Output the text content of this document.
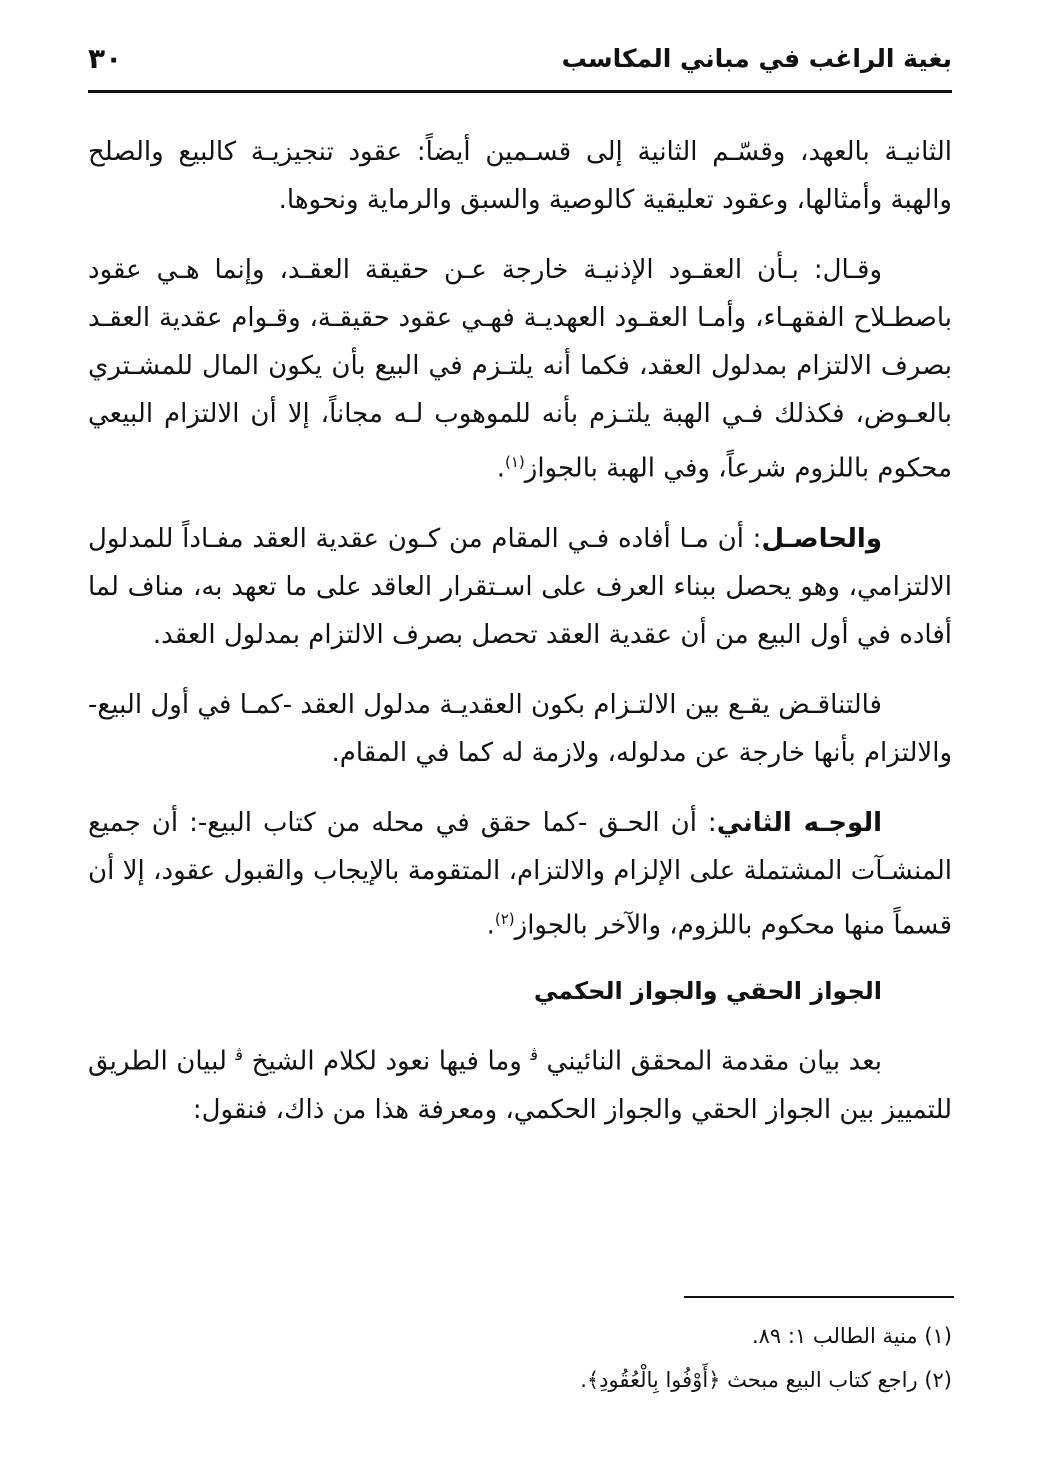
بغية الراغب في مباني المكاسب
٣٠

الثانيـة بالعهد، وقسّـم الثانية إلى قسـمين أيضاً: عقود تنجيزيـة كالبيع والصلح والهبة وأمثالها، وعقود تعليقية كالوصية والسبق والرماية ونحوها.

وقـال: بـأن العقـود الإذنيـة خارجة عـن حقيقة العقـد، وإنما هـي عقود باصطـلاح الفقهـاء، وأمـا العقـود العهديـة فهـي عقود حقيقـة، وقـوام عقدية العقـد بصرف الالتزام بمدلول العقد، فكما أنه يلتـزم في البيع بأن يكون المال للمشـتري بالعـوض، فكذلك فـي الهبة يلتـزم بأنه للموهوب لـه مجاناً، إلا أن الالتزام البيعي محكوم باللزوم شرعاً، وفي الهبة بالجواز$^{(١)}$.

والحاصـل: أن مـا أفاده فـي المقام من كـون عقدية العقد مفـاداً للمدلول الالتزامي، وهو يحصل ببناء العرف على اسـتقرار العاقد على ما تعهد به، مناف لما أفاده في أول البيع من أن عقدية العقد تحصل بصرف الالتزام بمدلول العقد.

فالتناقـض يقـع بين الالتـزام بكون العقديـة مدلول العقد -كمـا في أول البيع-والالتزام بأنها خارجة عن مدلوله، ولازمة له كما في المقام.

الوجـه الثاني: أن الحـق -كما حقق في محله من كتاب البيع-: أن جميع المنشـآت المشتملة على الإلزام والالتزام، المتقومة بالإيجاب والقبول عقود، إلا أن قسماً منها محكوم باللزوم، والآخر بالجواز$^{(٢)}$.

الجواز الحقي والجواز الحكمي

بعد بيان مقدمة المحقق النائيني $^ﭬ$ وما فيها نعود لكلام الشيخ $^ﭬ$ لبيان الطريق للتمييز بين الجواز الحقي والجواز الحكمي، ومعرفة هذا من ذاك، فنقول:

(١) منية الطالب ١: ٨٩.

(٢) راجع كتاب البيع مبحث ﴿أَوْفُوا بِالْعُقُودِ﴾.
